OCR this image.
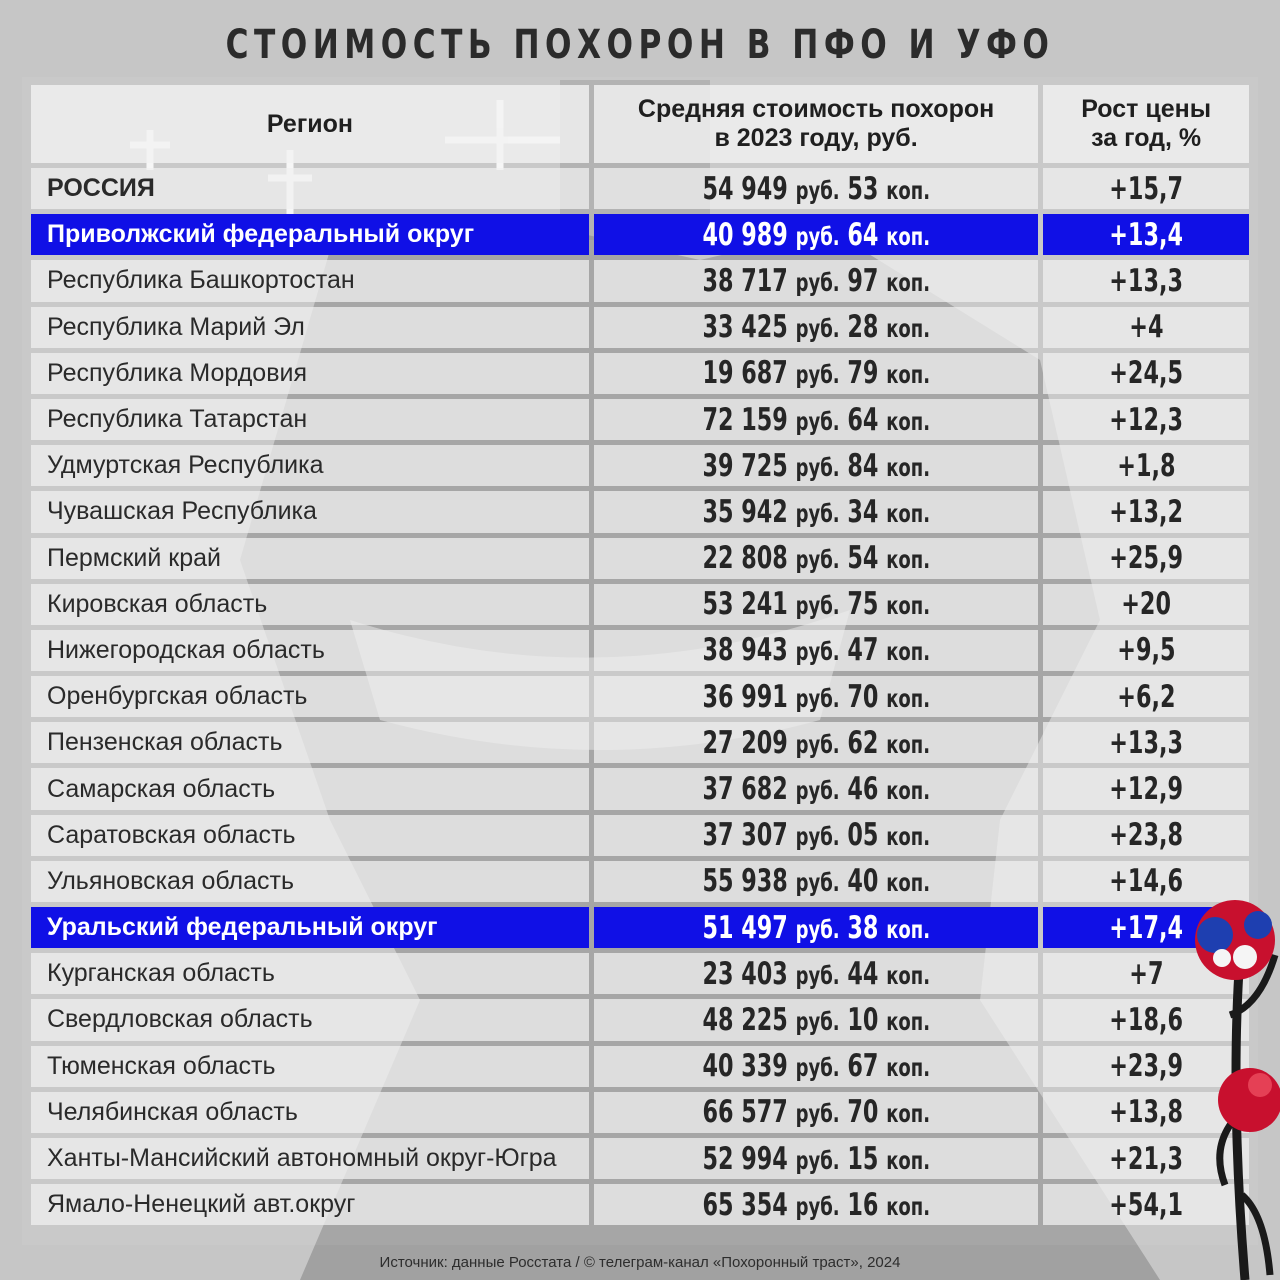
СТОИМОСТЬ ПОХОРОН В ПФО И УФО
Регион	Средняя стоимость похорон в 2023 году, руб.	Рост цены за год, %
РОССИЯ	54 949 руб. 53 коп.	+15,7
Приволжский федеральный округ	40 989 руб. 64 коп.	+13,4
Республика Башкортостан	38 717 руб. 97 коп.	+13,3
Республика Марий Эл	33 425 руб. 28 коп.	+4
Республика Мордовия	19 687 руб. 79 коп.	+24,5
Республика Татарстан	72 159 руб. 64 коп.	+12,3
Удмуртская Республика	39 725 руб. 84 коп.	+1,8
Чувашская Республика	35 942 руб. 34 коп.	+13,2
Пермский край	22 808 руб. 54 коп.	+25,9
Кировская область	53 241 руб. 75 коп.	+20
Нижегородская область	38 943 руб. 47 коп.	+9,5
Оренбургская область	36 991 руб. 70 коп.	+6,2
Пензенская область	27 209 руб. 62 коп.	+13,3
Самарская область	37 682 руб. 46 коп.	+12,9
Саратовская область	37 307 руб. 05 коп.	+23,8
Ульяновская область	55 938 руб. 40 коп.	+14,6
Уральский федеральный округ	51 497 руб. 38 коп.	+17,4
Курганская область	23 403 руб. 44 коп.	+7
Свердловская область	48 225 руб. 10 коп.	+18,6
Тюменская область	40 339 руб. 67 коп.	+23,9
Челябинская область	66 577 руб. 70 коп.	+13,8
Ханты-Мансийский автономный округ-Югра	52 994 руб. 15 коп.	+21,3
Ямало-Ненецкий авт.округ	65 354 руб. 16 коп.	+54,1
Источник: данные Росстата / © телеграм-канал «Похоронный траст», 2024
